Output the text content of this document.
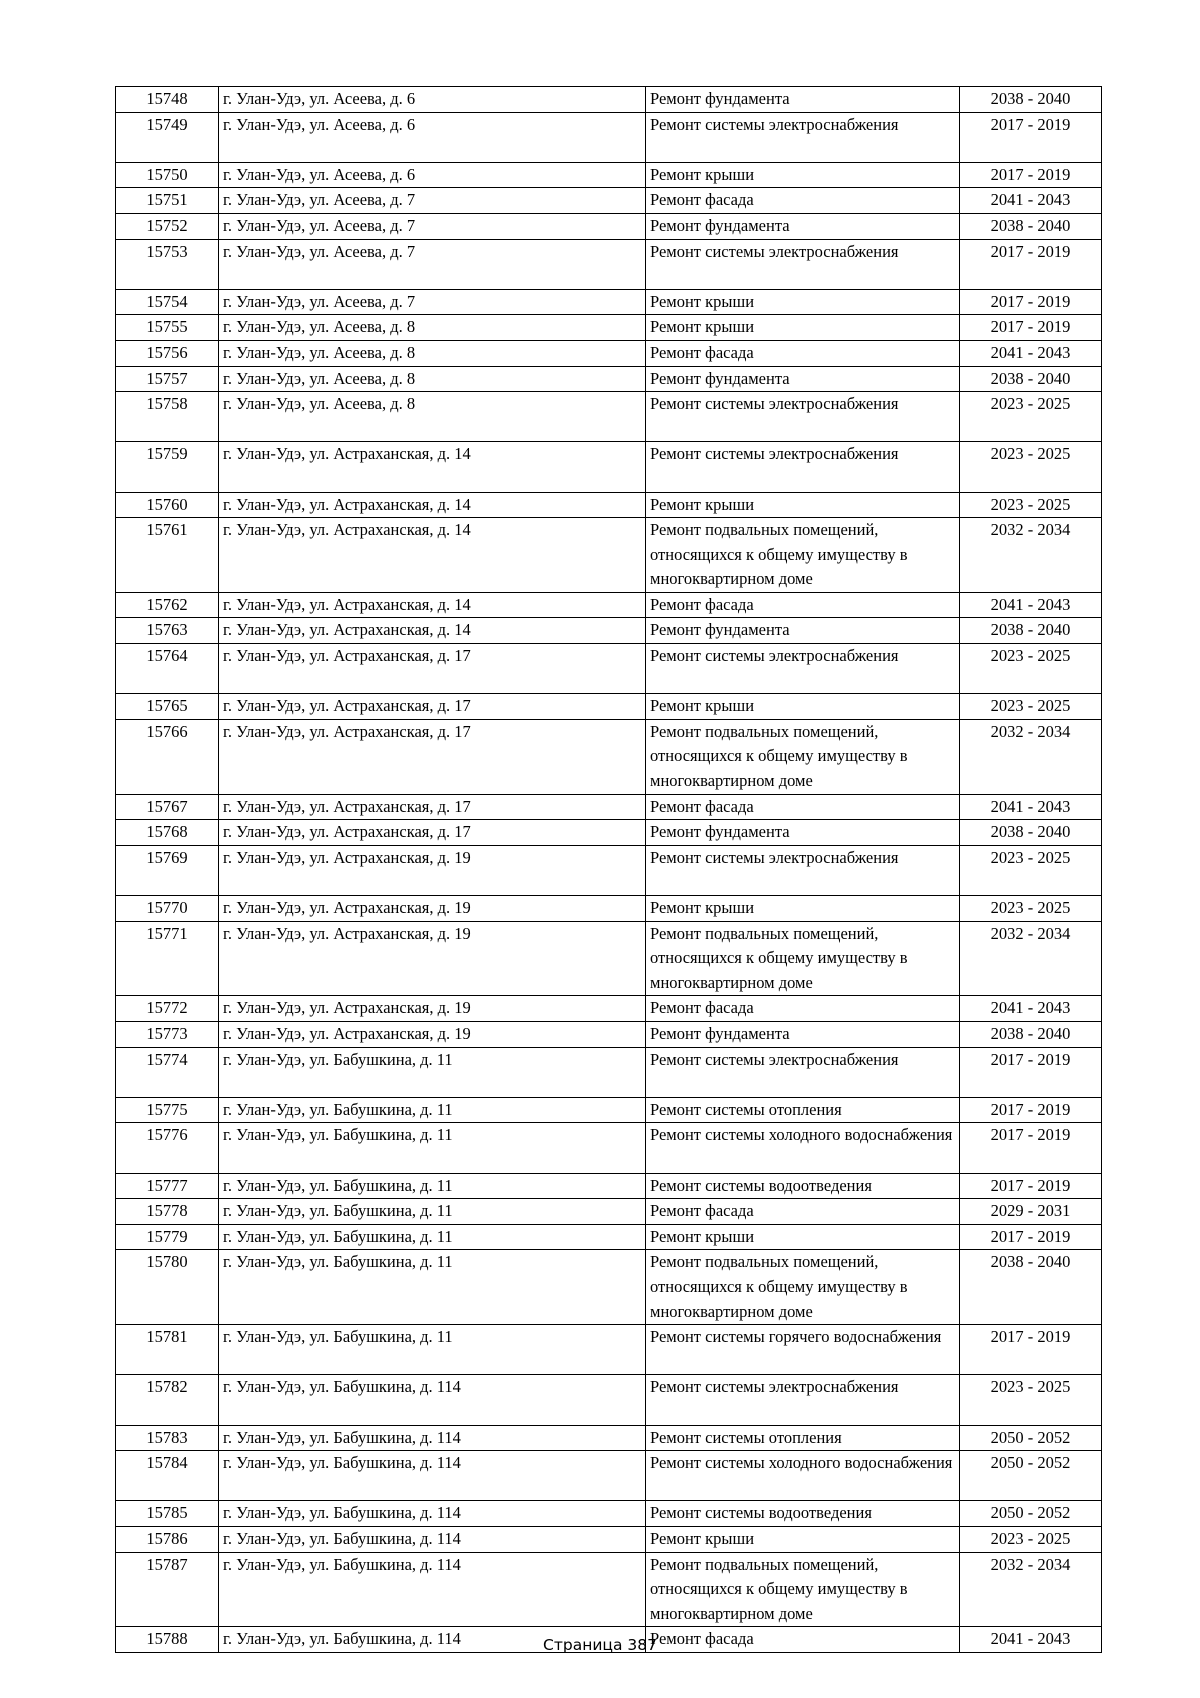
15748	г. Улан-Удэ, ул. Асеева, д. 6	Ремонт фундамента	2038 - 2040
15749	г. Улан-Удэ, ул. Асеева, д. 6	Ремонт системы электроснабжения	2017 - 2019
15750	г. Улан-Удэ, ул. Асеева, д. 6	Ремонт крыши	2017 - 2019
15751	г. Улан-Удэ, ул. Асеева, д. 7	Ремонт фасада	2041 - 2043
15752	г. Улан-Удэ, ул. Асеева, д. 7	Ремонт фундамента	2038 - 2040
15753	г. Улан-Удэ, ул. Асеева, д. 7	Ремонт системы электроснабжения	2017 - 2019
15754	г. Улан-Удэ, ул. Асеева, д. 7	Ремонт крыши	2017 - 2019
15755	г. Улан-Удэ, ул. Асеева, д. 8	Ремонт крыши	2017 - 2019
15756	г. Улан-Удэ, ул. Асеева, д. 8	Ремонт фасада	2041 - 2043
15757	г. Улан-Удэ, ул. Асеева, д. 8	Ремонт фундамента	2038 - 2040
15758	г. Улан-Удэ, ул. Асеева, д. 8	Ремонт системы электроснабжения	2023 - 2025
15759	г. Улан-Удэ, ул. Астраханская, д. 14	Ремонт системы электроснабжения	2023 - 2025
15760	г. Улан-Удэ, ул. Астраханская, д. 14	Ремонт крыши	2023 - 2025
15761	г. Улан-Удэ, ул. Астраханская, д. 14	Ремонт подвальных помещений, относящихся к общему имуществу в многоквартирном доме	2032 - 2034
15762	г. Улан-Удэ, ул. Астраханская, д. 14	Ремонт фасада	2041 - 2043
15763	г. Улан-Удэ, ул. Астраханская, д. 14	Ремонт фундамента	2038 - 2040
15764	г. Улан-Удэ, ул. Астраханская, д. 17	Ремонт системы электроснабжения	2023 - 2025
15765	г. Улан-Удэ, ул. Астраханская, д. 17	Ремонт крыши	2023 - 2025
15766	г. Улан-Удэ, ул. Астраханская, д. 17	Ремонт подвальных помещений, относящихся к общему имуществу в многоквартирном доме	2032 - 2034
15767	г. Улан-Удэ, ул. Астраханская, д. 17	Ремонт фасада	2041 - 2043
15768	г. Улан-Удэ, ул. Астраханская, д. 17	Ремонт фундамента	2038 - 2040
15769	г. Улан-Удэ, ул. Астраханская, д. 19	Ремонт системы электроснабжения	2023 - 2025
15770	г. Улан-Удэ, ул. Астраханская, д. 19	Ремонт крыши	2023 - 2025
15771	г. Улан-Удэ, ул. Астраханская, д. 19	Ремонт подвальных помещений, относящихся к общему имуществу в многоквартирном доме	2032 - 2034
15772	г. Улан-Удэ, ул. Астраханская, д. 19	Ремонт фасада	2041 - 2043
15773	г. Улан-Удэ, ул. Астраханская, д. 19	Ремонт фундамента	2038 - 2040
15774	г. Улан-Удэ, ул. Бабушкина, д. 11	Ремонт системы электроснабжения	2017 - 2019
15775	г. Улан-Удэ, ул. Бабушкина, д. 11	Ремонт системы отопления	2017 - 2019
15776	г. Улан-Удэ, ул. Бабушкина, д. 11	Ремонт системы холодного водоснабжения	2017 - 2019
15777	г. Улан-Удэ, ул. Бабушкина, д. 11	Ремонт системы водоотведения	2017 - 2019
15778	г. Улан-Удэ, ул. Бабушкина, д. 11	Ремонт фасада	2029 - 2031
15779	г. Улан-Удэ, ул. Бабушкина, д. 11	Ремонт крыши	2017 - 2019
15780	г. Улан-Удэ, ул. Бабушкина, д. 11	Ремонт подвальных помещений, относящихся к общему имуществу в многоквартирном доме	2038 - 2040
15781	г. Улан-Удэ, ул. Бабушкина, д. 11	Ремонт системы горячего водоснабжения	2017 - 2019
15782	г. Улан-Удэ, ул. Бабушкина, д. 114	Ремонт системы электроснабжения	2023 - 2025
15783	г. Улан-Удэ, ул. Бабушкина, д. 114	Ремонт системы отопления	2050 - 2052
15784	г. Улан-Удэ, ул. Бабушкина, д. 114	Ремонт системы холодного водоснабжения	2050 - 2052
15785	г. Улан-Удэ, ул. Бабушкина, д. 114	Ремонт системы водоотведения	2050 - 2052
15786	г. Улан-Удэ, ул. Бабушкина, д. 114	Ремонт крыши	2023 - 2025
15787	г. Улан-Удэ, ул. Бабушкина, д. 114	Ремонт подвальных помещений, относящихся к общему имуществу в многоквартирном доме	2032 - 2034
15788	г. Улан-Удэ, ул. Бабушкина, д. 114	Ремонт фасада	2041 - 2043
Страница 387
